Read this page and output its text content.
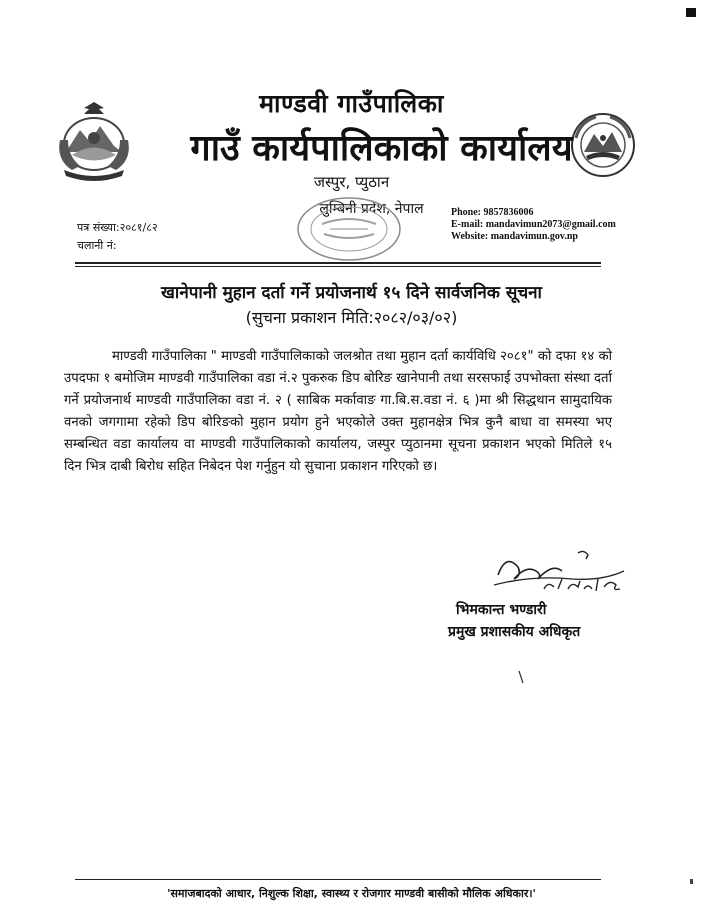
माण्डवी गाउँपालिका
गाउँ कार्यपालिकाको कार्यालय
जस्पुर, प्युठान
लुम्बिनी प्रदेश, नेपाल
पत्र संख्या:२०८१/८२
चलानी नं:
Phone: 9857836006
E-mail: mandavimun2073@gmail.com
Website: mandavimun.gov.np
खानेपानी मुहान दर्ता गर्ने प्रयोजनार्थ १५ दिने सार्वजनिक सूचना
(सुचना प्रकाशन मिति:२०८२/०३/०२)
माण्डवी गाउँपालिका " माण्डवी गाउँपालिकाको जलश्रोत तथा मुहान दर्ता कार्यविधि २०८१" को दफा १४ को उपदफा १ बमोजिम माण्डवी गाउँपालिका वडा नं.२ पुकरुक डिप बोरिङ खानेपानी तथा सरसफाई उपभोक्ता संस्था दर्ता गर्ने प्रयोजनार्थ माण्डवी गाउँपालिका वडा नं. २ ( साबिक मर्कावाङ गा.बि.स.वडा नं. ६ )मा श्री सिद्धथान सामुदायिक वनको जगगामा रहेको डिप बोरिङको मुहान प्रयोग हुने भएकोले उक्त मुहानक्षेत्र भित्र कुनै बाधा वा समस्या भए सम्बन्धित वडा कार्यालय वा माण्डवी गाउँपालिकाको कार्यालय, जस्पुर प्युठानमा सूचना प्रकाशन भएको मितिले १५ दिन भित्र दाबी बिरोध सहित निबेदन पेश गर्नुहुन यो सुचाना प्रकाशन गरिएको छ।
भिमकान्त भण्डारी
प्रमुख प्रशासकीय अधिकृत
'समाजबादको आधार, निशुल्क शिक्षा, स्वास्थ्य र रोजगार माण्डवी बासीको मौलिक अधिकार।'
